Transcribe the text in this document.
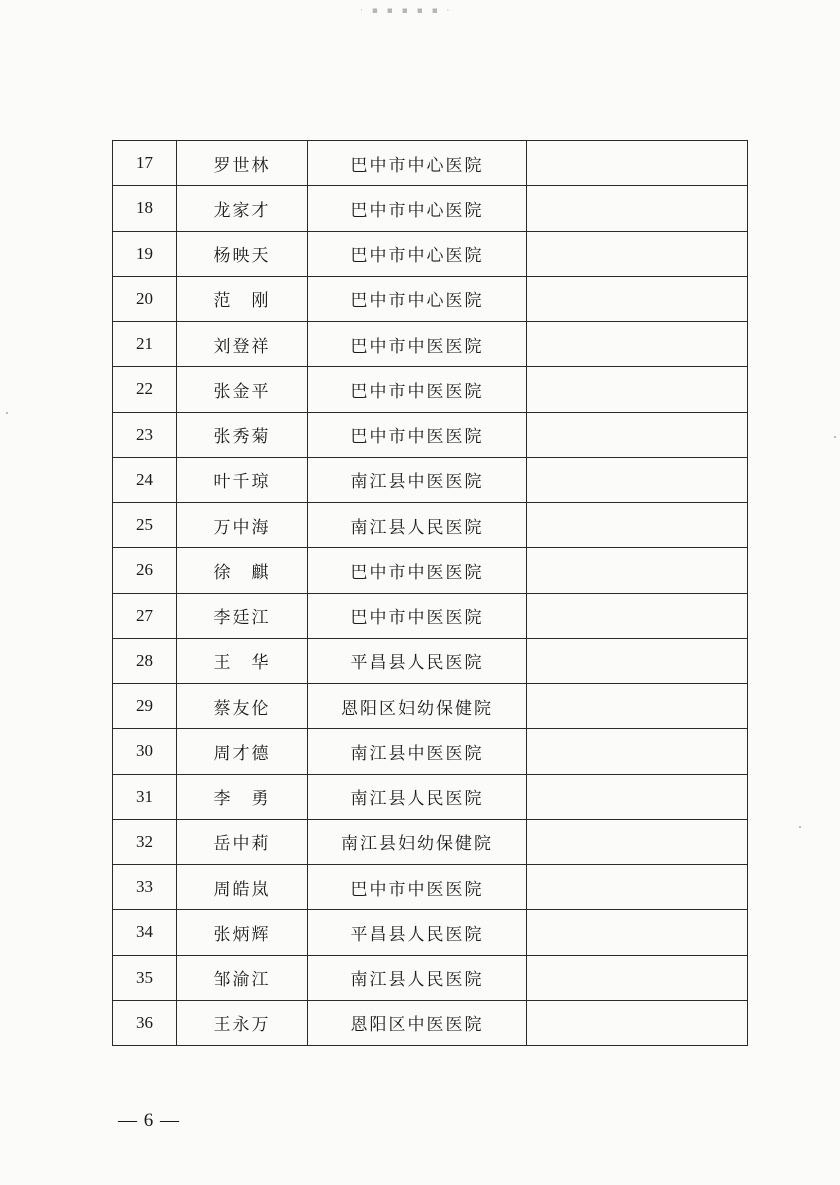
· ▪ ▪ ▪ ▪ ▪ ·
17	罗世林	巴中市中心医院	
18	龙家才	巴中市中心医院	
19	杨映天	巴中市中心医院	
20	范　刚	巴中市中心医院	
21	刘登祥	巴中市中医医院	
22	张金平	巴中市中医医院	
23	张秀菊	巴中市中医医院	
24	叶千琼	南江县中医医院	
25	万中海	南江县人民医院	
26	徐　麒	巴中市中医医院	
27	李廷江	巴中市中医医院	
28	王　华	平昌县人民医院	
29	蔡友伦	恩阳区妇幼保健院	
30	周才德	南江县中医医院	
31	李　勇	南江县人民医院	
32	岳中莉	南江县妇幼保健院	
33	周皓岚	巴中市中医医院	
34	张炳辉	平昌县人民医院	
35	邹渝江	南江县人民医院	
36	王永万	恩阳区中医医院	
— 6 —
